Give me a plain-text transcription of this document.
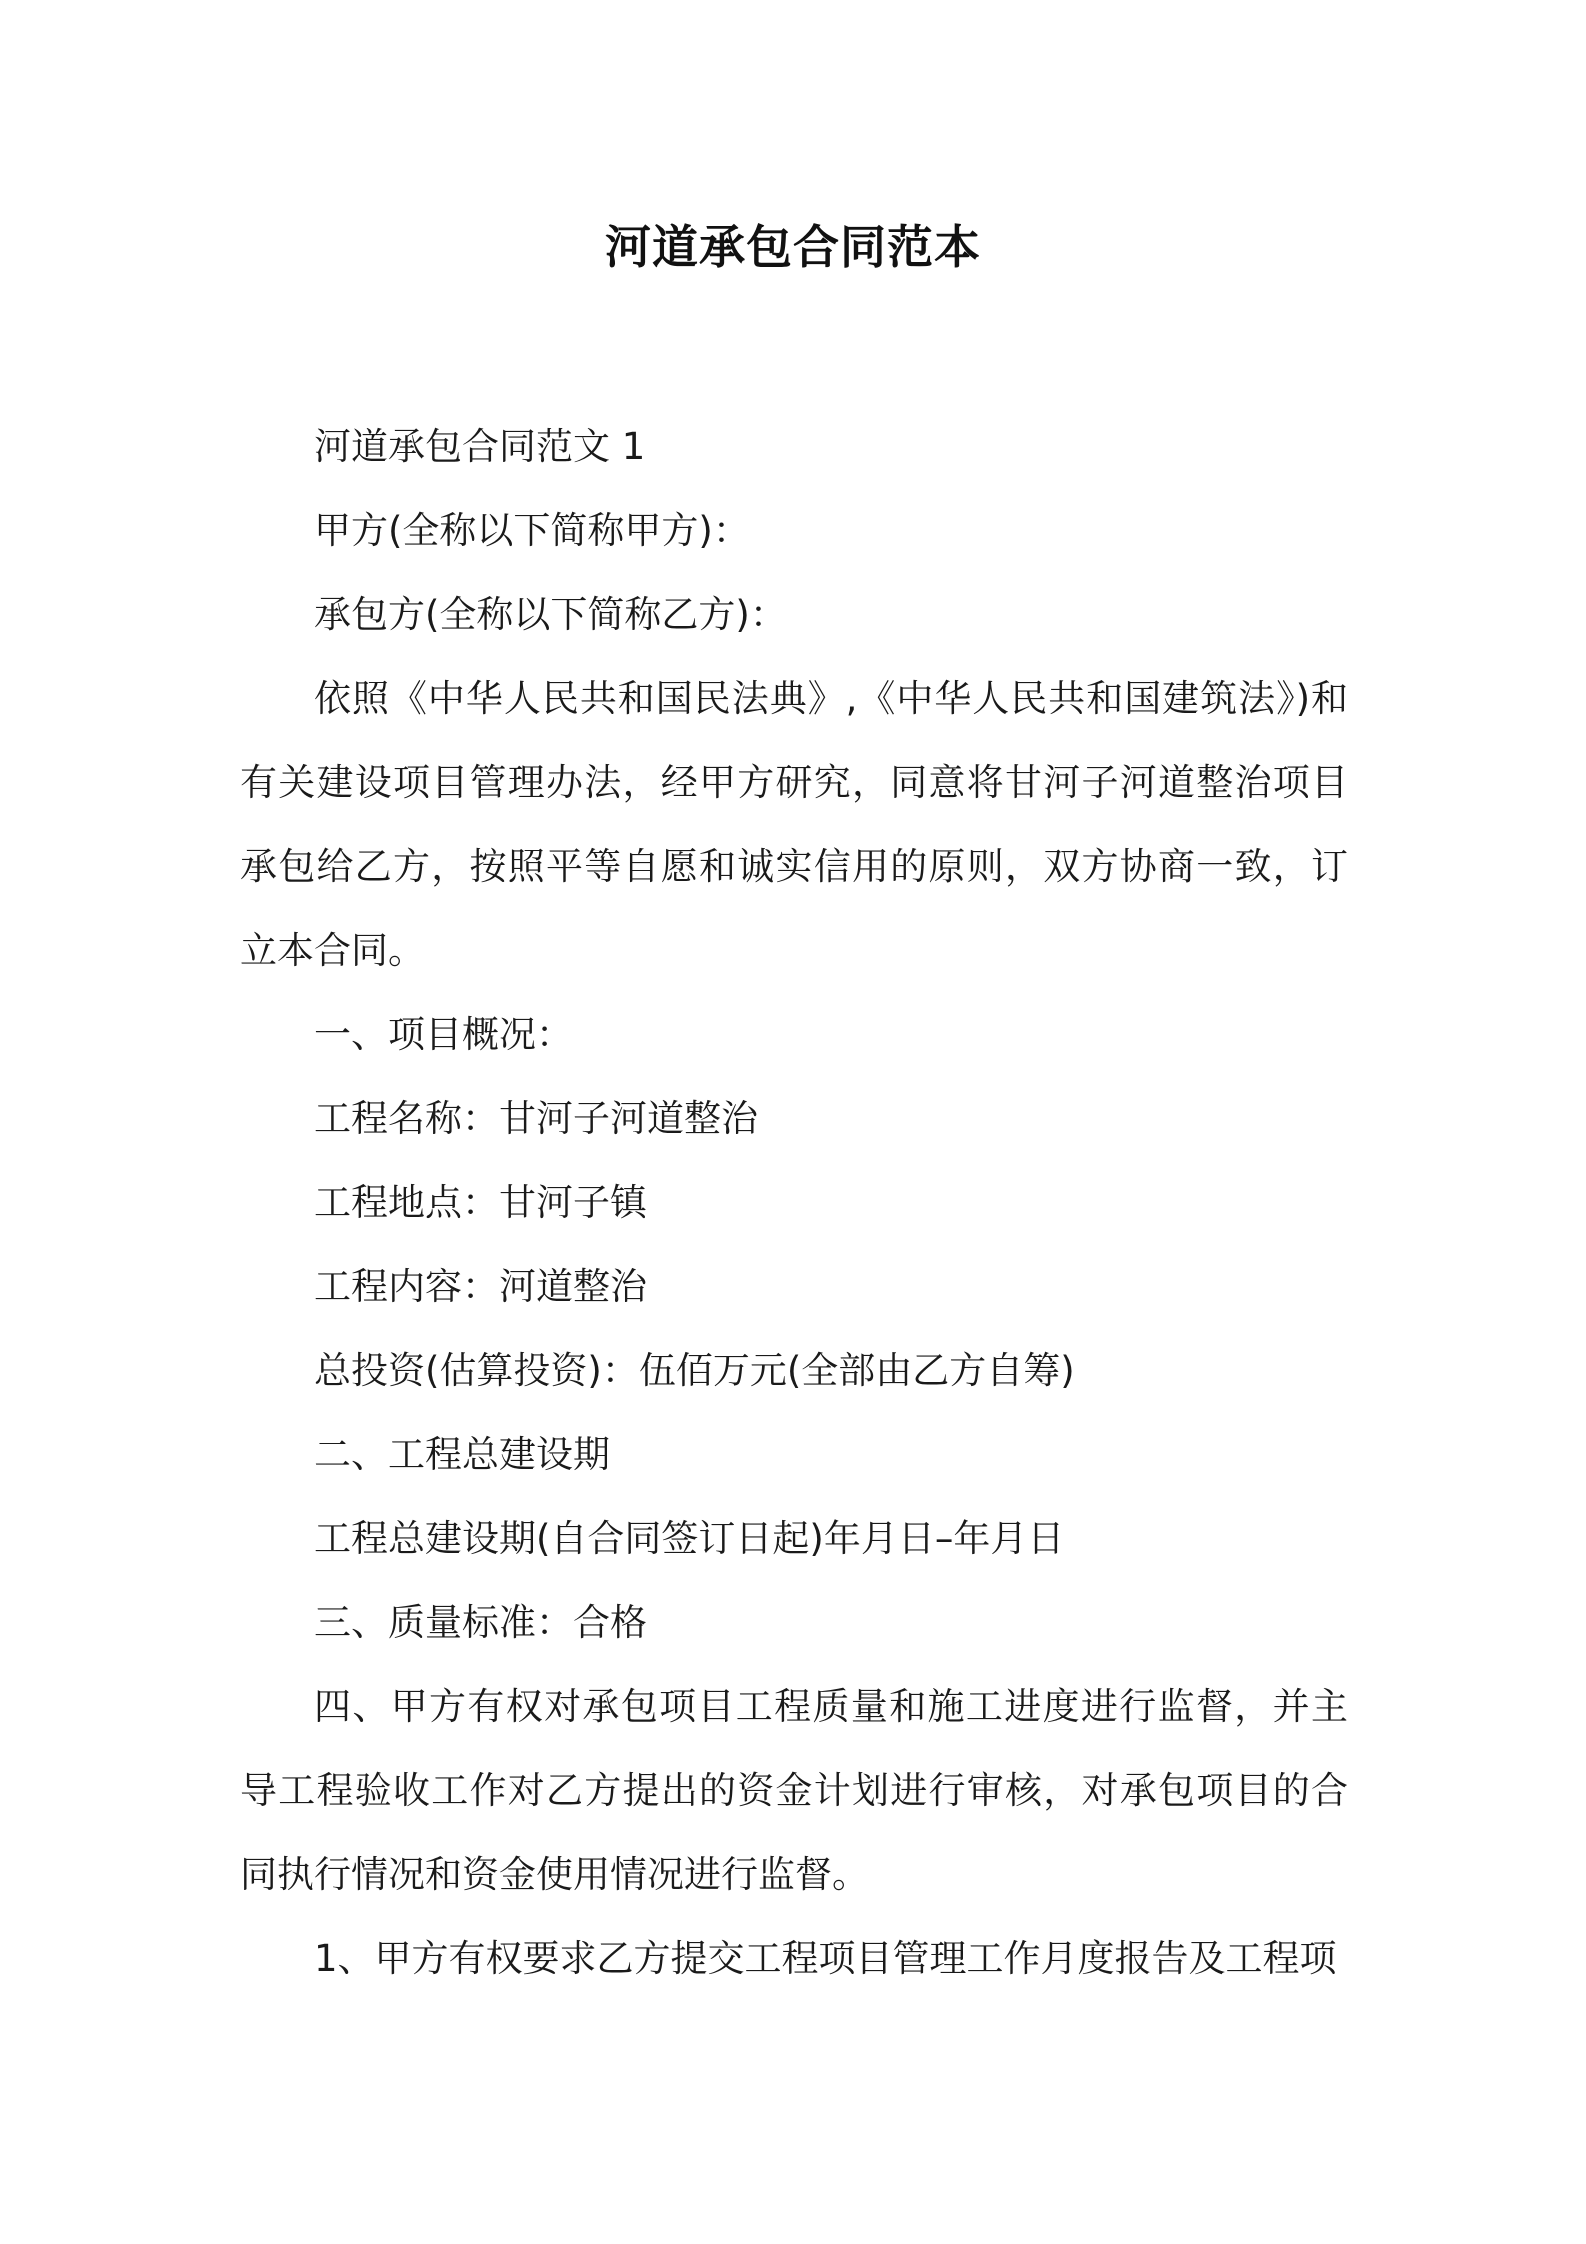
河道承包合同范本

河道承包合同范文 1

甲方(全称以下简称甲方)：

承包方(全称以下简称乙方)：

依照《中华人民共和国民法典》,《中华人民共和国建筑法》)和有关建设项目管理办法，经甲方研究，同意将甘河子河道整治项目承包给乙方，按照平等自愿和诚实信用的原则，双方协商一致，订立本合同。

一、项目概况：

工程名称：甘河子河道整治

工程地点：甘河子镇

工程内容：河道整治

总投资(估算投资)：伍佰万元(全部由乙方自筹)

二、工程总建设期

工程总建设期(自合同签订日起)年月日–年月日

三、质量标准：合格

四、甲方有权对承包项目工程质量和施工进度进行监督，并主导工程验收工作对乙方提出的资金计划进行审核，对承包项目的合同执行情况和资金使用情况进行监督。

1、甲方有权要求乙方提交工程项目管理工作月度报告及工程项
